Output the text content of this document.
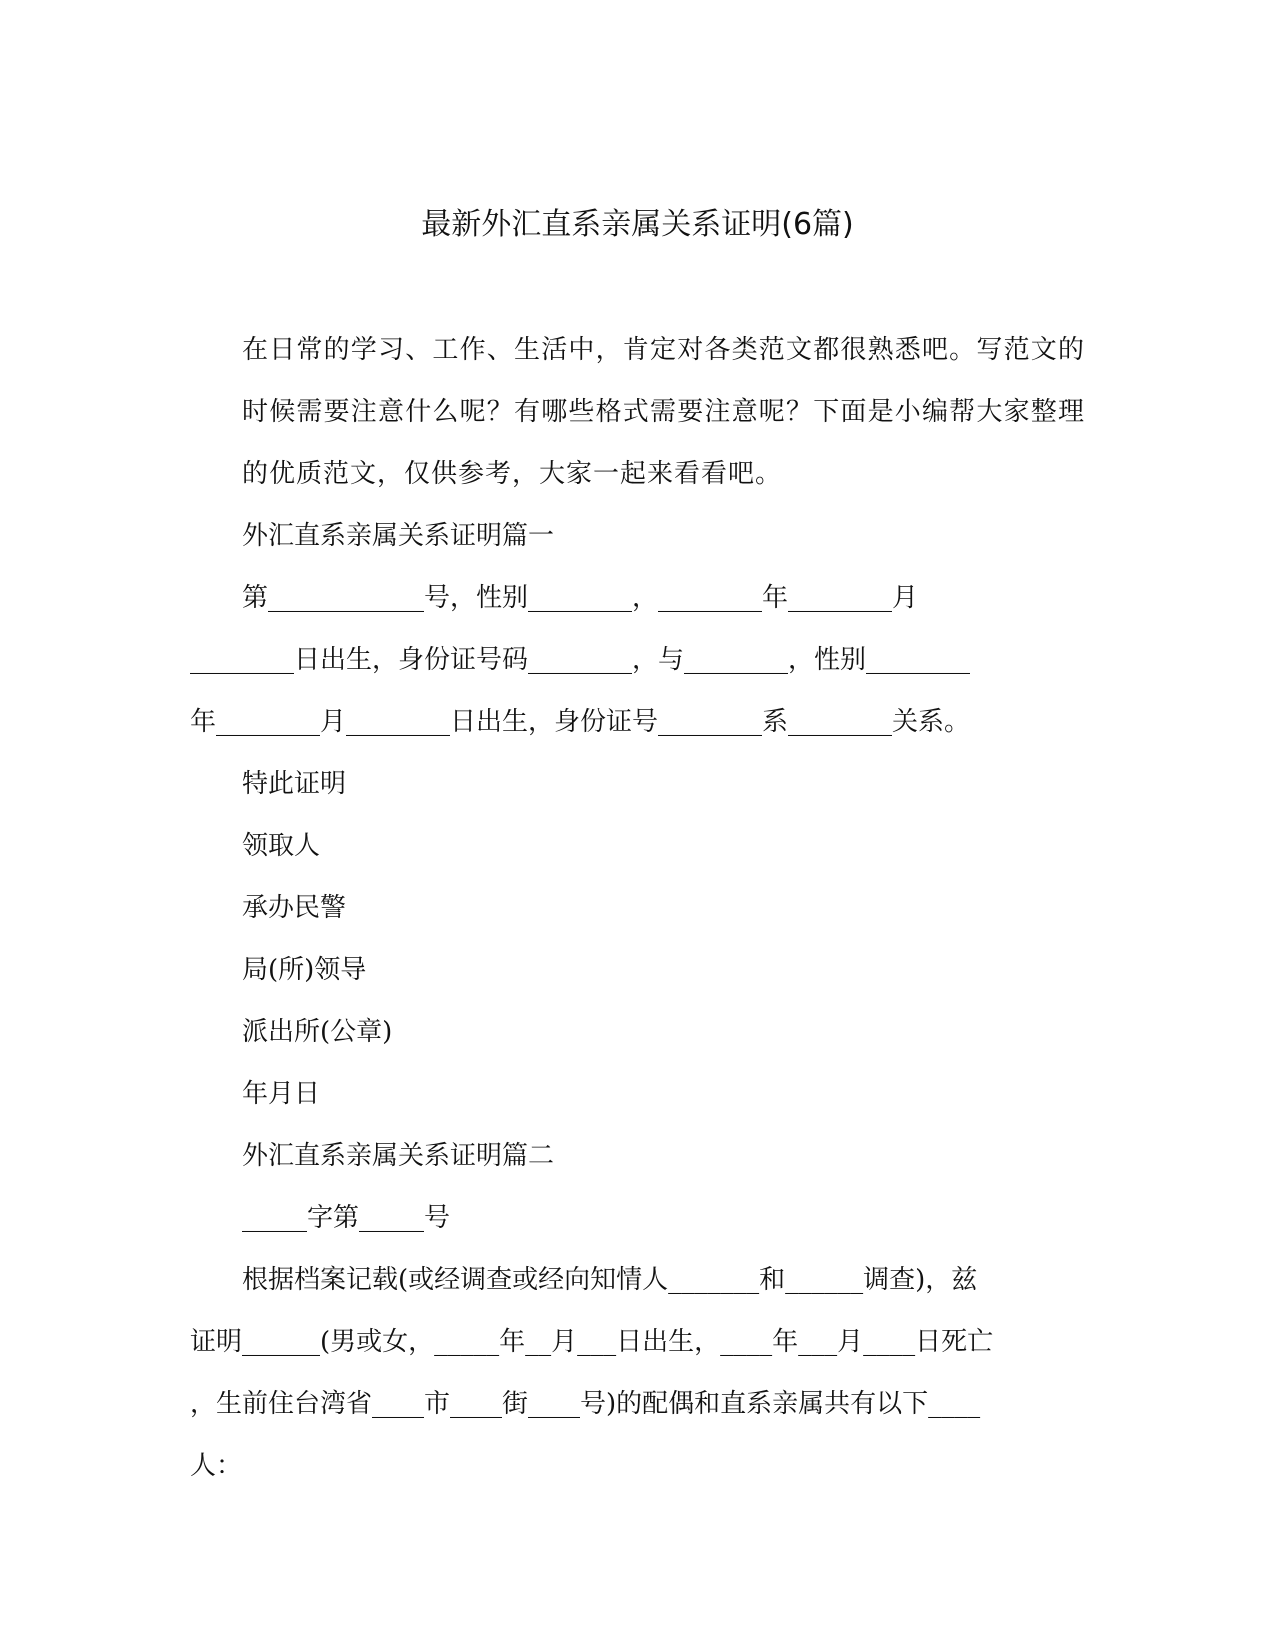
最新外汇直系亲属关系证明(6篇)

在日常的学习、工作、生活中，肯定对各类范文都很熟悉吧。写范文的时候需要注意什么呢？有哪些格式需要注意呢？下面是小编帮大家整理的优质范文，仅供参考，大家一起来看看吧。

外汇直系亲属关系证明篇一

第____________号，性别________，________年________月

________日出生，身份证号码________，与________，性别________

年________月________日出生，身份证号________系________关系。

特此证明

领取人

承办民警

局(所)领导

派出所(公章)

年月日

外汇直系亲属关系证明篇二

_____字第_____号

根据档案记载(或经调查或经向知情人_______和______调查)，兹

证明______(男或女，_____年__月___日出生，____年___月____日死亡

，生前住台湾省____市____街____号)的配偶和直系亲属共有以下____

人：
